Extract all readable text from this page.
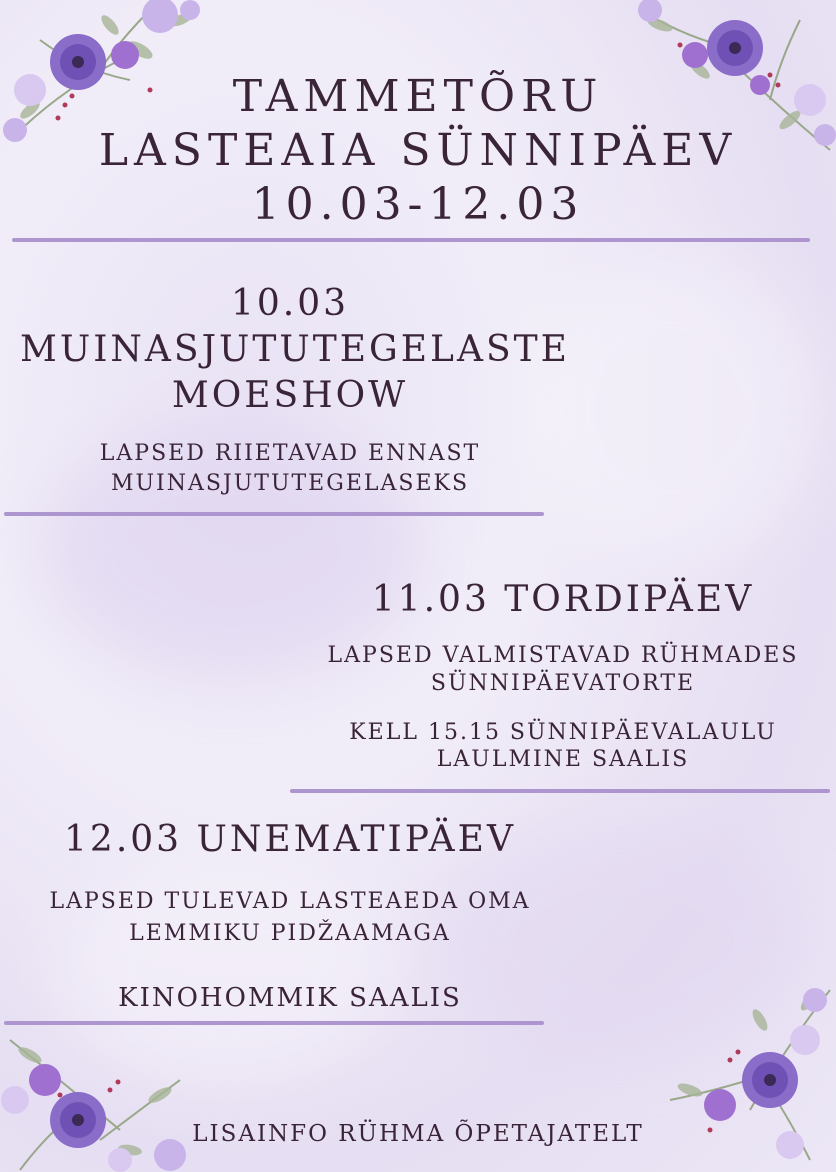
TAMMETÕRU
LASTEAIA SÜNNIPÄEV
10.03-12.03
10.03
MUINASJUTUTEGELASTE
MOESHOW
LAPSED RIIETAVAD ENNAST
MUINASJUTUTEGELASEKS
11.03 TORDIPÄEV
LAPSED VALMISTAVAD RÜHMADES
SÜNNIPÄEVATORTE
KELL 15.15 SÜNNIPÄEVALAULU
LAULMINE SAALIS
12.03 UNEMATIPÄEV
LAPSED TULEVAD LASTEAEDA OMA
LEMMIKU PIDŽAAMAGA
KINOHOMMIK SAALIS
LISAINFO RÜHMA ÕPETAJATELT
